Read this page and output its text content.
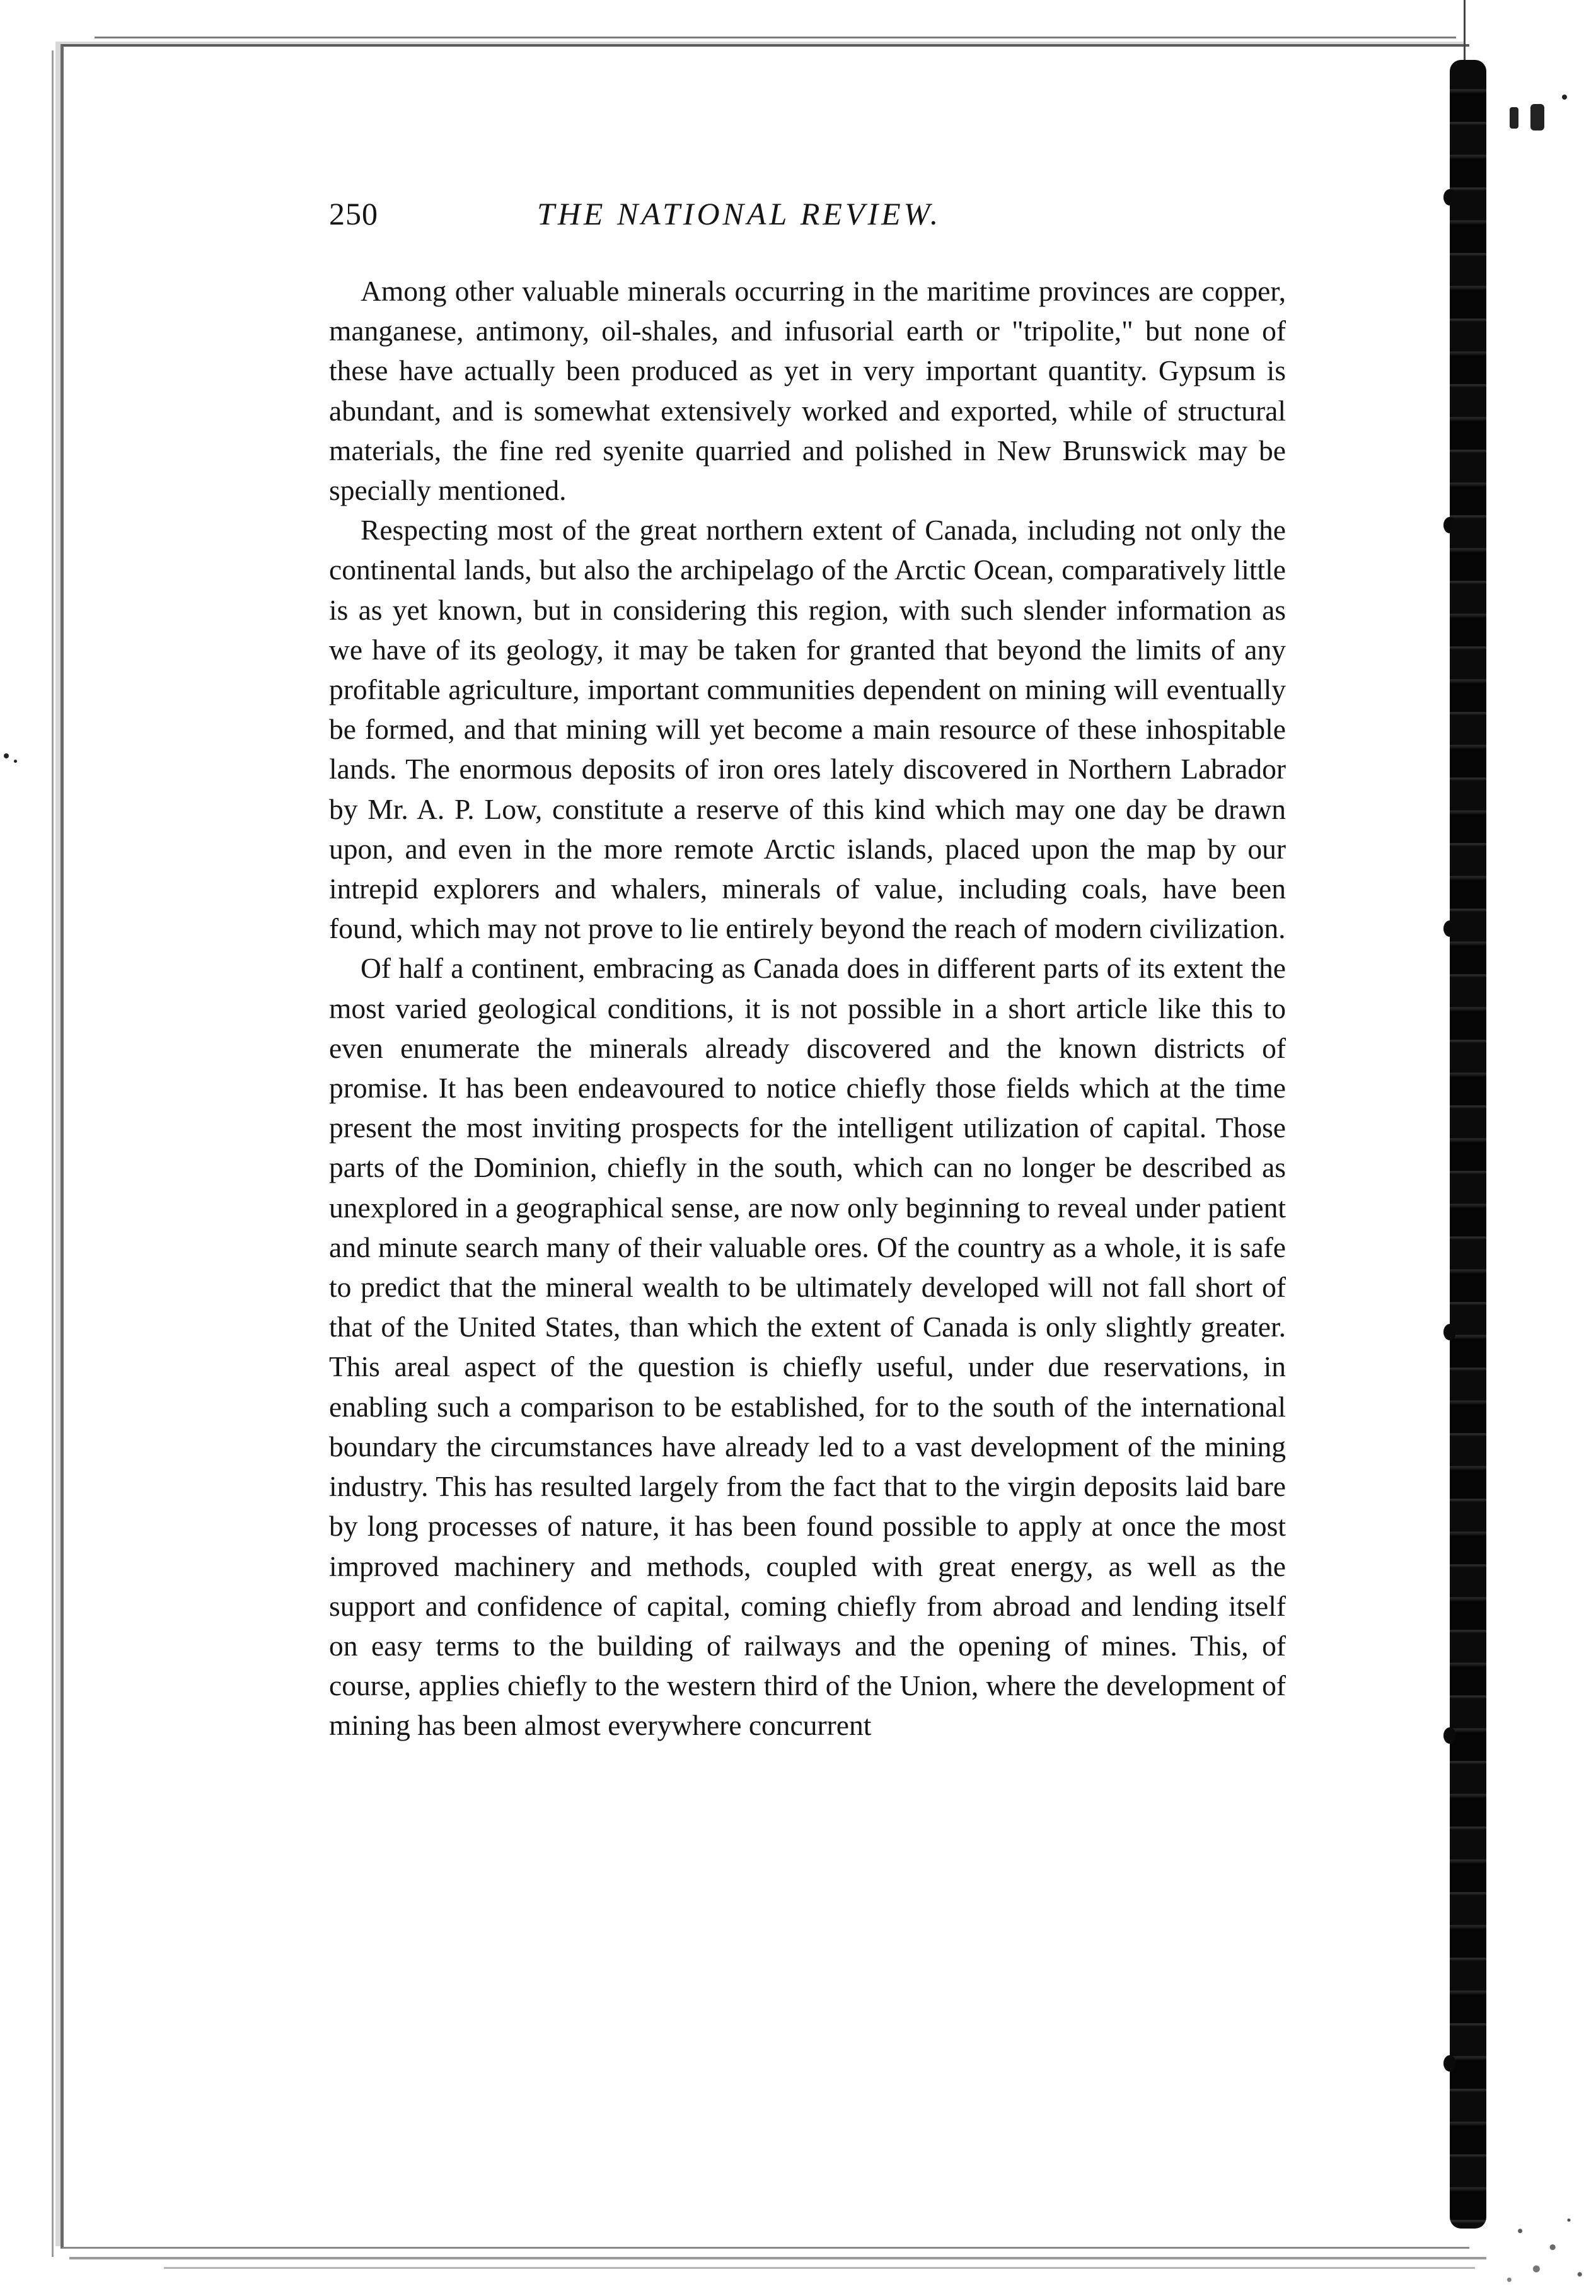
250	THE NATIONAL REVIEW.

Among other valuable minerals occurring in the maritime provinces are copper, manganese, antimony, oil-shales, and infusorial earth or "tripolite," but none of these have actually been produced as yet in very important quantity. Gypsum is abundant, and is somewhat extensively worked and exported, while of structural materials, the fine red syenite quarried and polished in New Brunswick may be specially mentioned.

Respecting most of the great northern extent of Canada, including not only the continental lands, but also the archipelago of the Arctic Ocean, comparatively little is as yet known, but in considering this region, with such slender information as we have of its geology, it may be taken for granted that beyond the limits of any profitable agriculture, important communities dependent on mining will eventually be formed, and that mining will yet become a main resource of these inhospitable lands. The enormous deposits of iron ores lately discovered in Northern Labrador by Mr. A. P. Low, constitute a reserve of this kind which may one day be drawn upon, and even in the more remote Arctic islands, placed upon the map by our intrepid explorers and whalers, minerals of value, including coals, have been found, which may not prove to lie entirely beyond the reach of modern civilization.

Of half a continent, embracing as Canada does in different parts of its extent the most varied geological conditions, it is not possible in a short article like this to even enumerate the minerals already discovered and the known districts of promise. It has been endeavoured to notice chiefly those fields which at the time present the most inviting prospects for the intelligent utilization of capital. Those parts of the Dominion, chiefly in the south, which can no longer be described as unexplored in a geographical sense, are now only beginning to reveal under patient and minute search many of their valuable ores. Of the country as a whole, it is safe to predict that the mineral wealth to be ultimately developed will not fall short of that of the United States, than which the extent of Canada is only slightly greater. This areal aspect of the question is chiefly useful, under due reservations, in enabling such a comparison to be established, for to the south of the international boundary the circumstances have already led to a vast development of the mining industry. This has resulted largely from the fact that to the virgin deposits laid bare by long processes of nature, it has been found possible to apply at once the most improved machinery and methods, coupled with great energy, as well as the support and confidence of capital, coming chiefly from abroad and lending itself on easy terms to the building of railways and the opening of mines. This, of course, applies chiefly to the western third of the Union, where the development of mining has been almost everywhere concurrent
